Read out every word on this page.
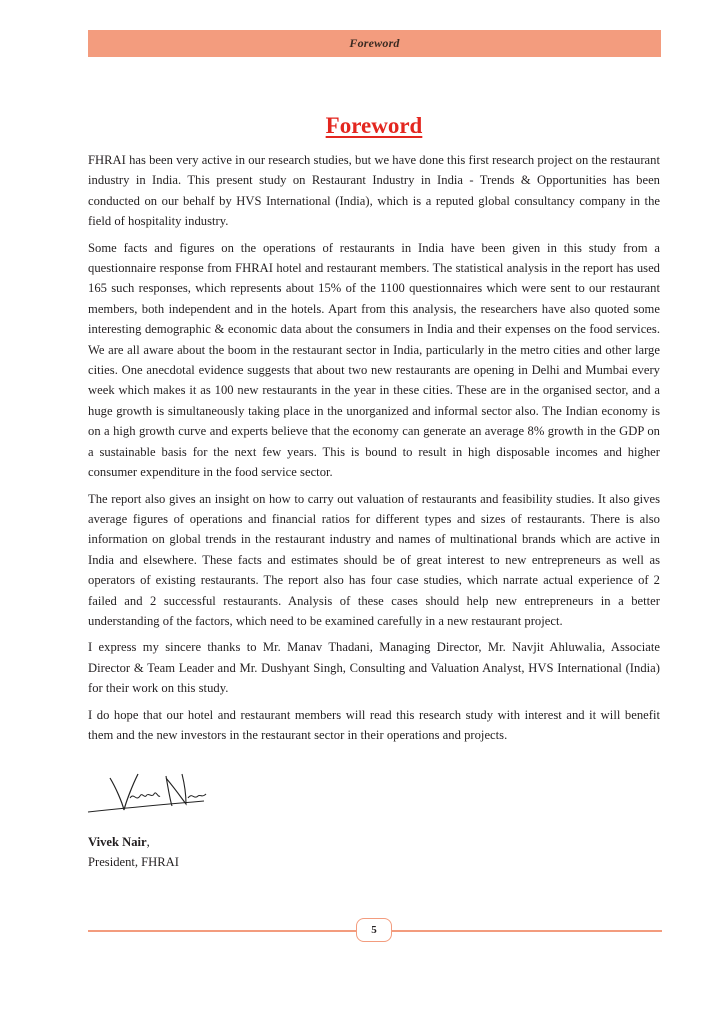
Foreword
Foreword

FHRAI has been very active in our research studies, but we have done this first research project on the restaurant industry in India. This present study on Restaurant Industry in India - Trends & Opportunities has been conducted on our behalf by HVS International (India), which is a reputed global consultancy company in the field of hospitality industry.

Some facts and figures on the operations of restaurants in India have been given in this study from a questionnaire response from FHRAI hotel and restaurant members. The statistical analysis in the report has used 165 such responses, which represents about 15% of the 1100 questionnaires which were sent to our restaurant members, both independent and in the hotels. Apart from this analysis, the researchers have also quoted some interesting demographic & economic data about the consumers in India and their expenses on the food services. We are all aware about the boom in the restaurant sector in India, particularly in the metro cities and other large cities. One anecdotal evidence suggests that about two new restaurants are opening in Delhi and Mumbai every week which makes it as 100 new restaurants in the year in these cities. These are in the organised sector, and a huge growth is simultaneously taking place in the unorganized and informal sector also. The Indian economy is on a high growth curve and experts believe that the economy can generate an average 8% growth in the GDP on a sustainable basis for the next few years. This is bound to result in high disposable incomes and higher consumer expenditure in the food service sector.

The report also gives an insight on how to carry out valuation of restaurants and feasibility studies. It also gives average figures of operations and financial ratios for different types and sizes of restaurants. There is also information on global trends in the restaurant industry and names of multinational brands which are active in India and elsewhere. These facts and estimates should be of great interest to new entrepreneurs as well as operators of existing restaurants. The report also has four case studies, which narrate actual experience of 2 failed and 2 successful restaurants. Analysis of these cases should help new entrepreneurs in a better understanding of the factors, which need to be examined carefully in a new restaurant project.

I express my sincere thanks to Mr. Manav Thadani, Managing Director, Mr. Navjit Ahluwalia, Associate Director & Team Leader and Mr. Dushyant Singh, Consulting and Valuation Analyst, HVS International (India) for their work on this study.

I do hope that our hotel and restaurant members will read this research study with interest and it will benefit them and the new investors in the restaurant sector in their operations and projects.

Vivek Nair,
President, FHRAI
5
